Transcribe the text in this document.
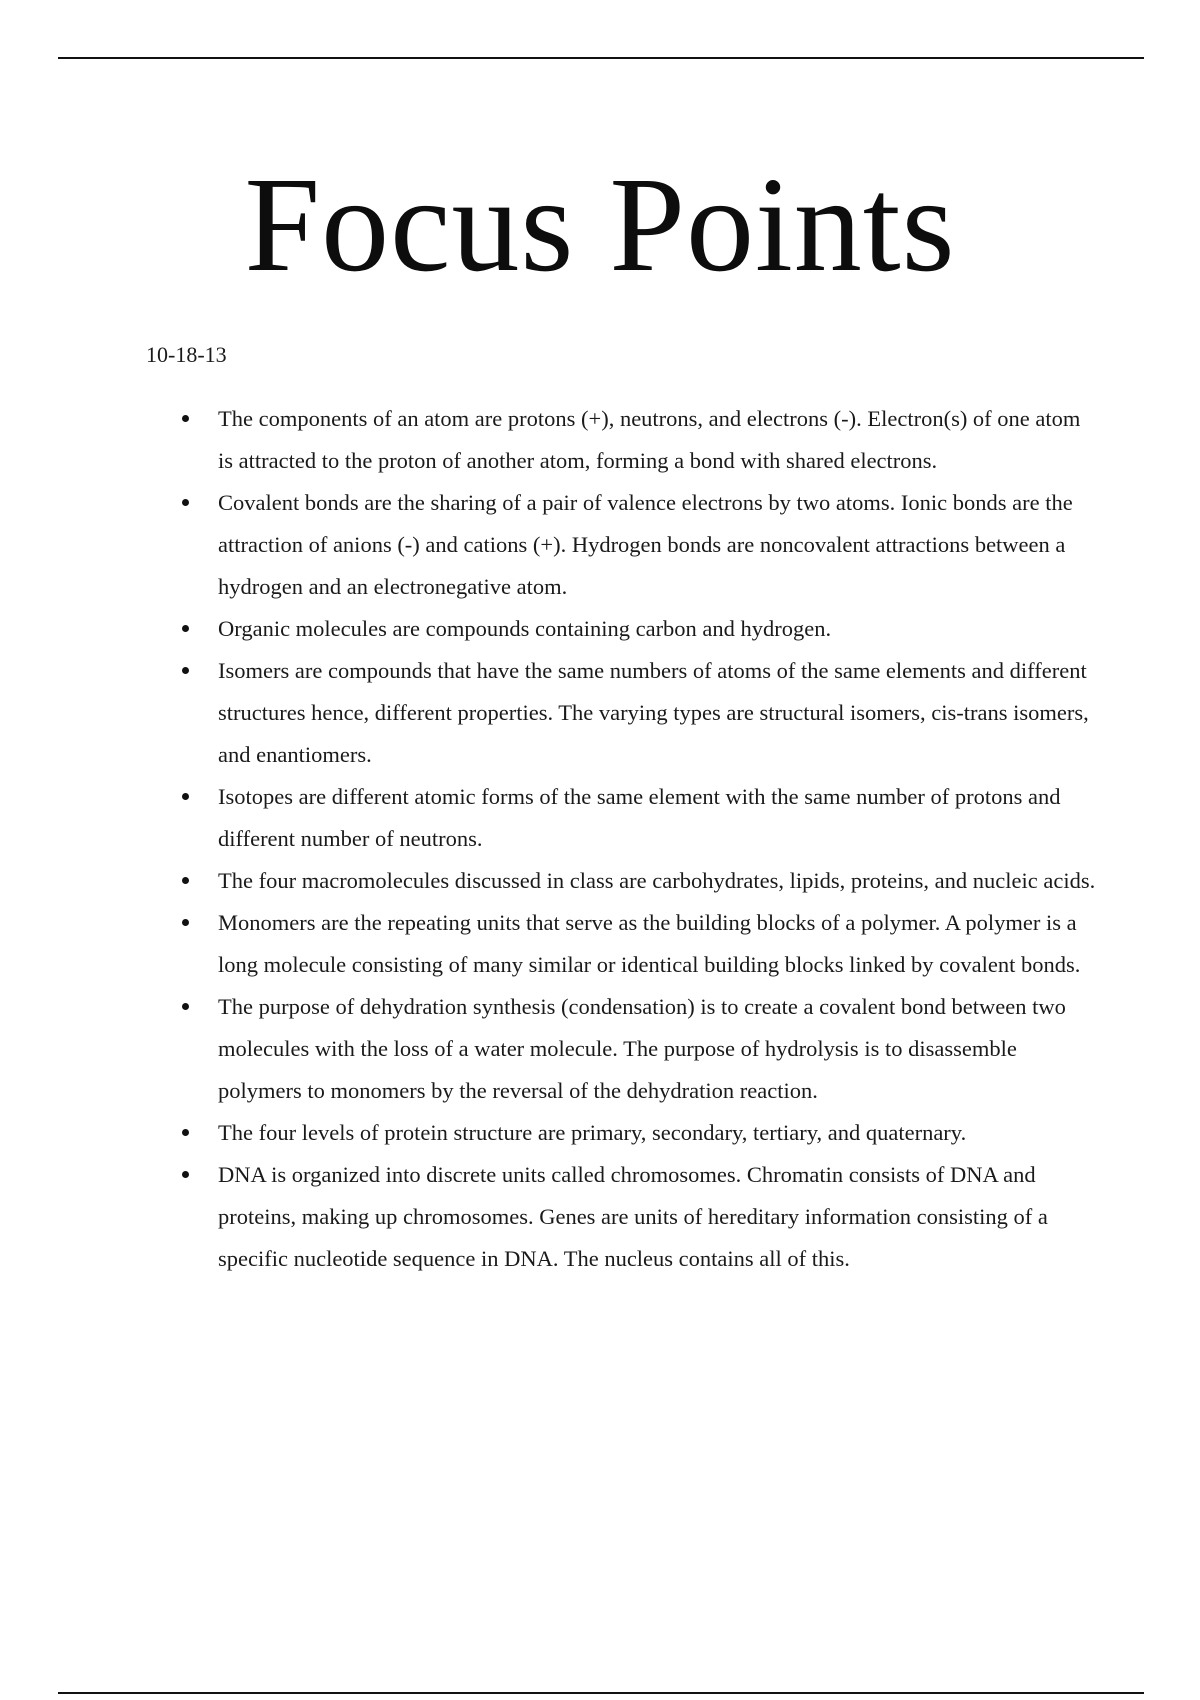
Focus Points
10-18-13
The components of an atom are protons (+), neutrons, and electrons (-). Electron(s) of one atom is attracted to the proton of another atom, forming a bond with shared electrons.
Covalent bonds are the sharing of a pair of valence electrons by two atoms. Ionic bonds are the attraction of anions (-) and cations (+). Hydrogen bonds are noncovalent attractions between a hydrogen and an electronegative atom.
Organic molecules are compounds containing carbon and hydrogen.
Isomers are compounds that have the same numbers of atoms of the same elements and different structures hence, different properties. The varying types are structural isomers, cis-trans isomers, and enantiomers.
Isotopes are different atomic forms of the same element with the same number of protons and different number of neutrons.
The four macromolecules discussed in class are carbohydrates, lipids, proteins, and nucleic acids.
Monomers are the repeating units that serve as the building blocks of a polymer. A polymer is a long molecule consisting of many similar or identical building blocks linked by covalent bonds.
The purpose of dehydration synthesis (condensation) is to create a covalent bond between two molecules with the loss of a water molecule. The purpose of hydrolysis is to disassemble polymers to monomers by the reversal of the dehydration reaction.
The four levels of protein structure are primary, secondary, tertiary, and quaternary.
DNA is organized into discrete units called chromosomes. Chromatin consists of DNA and proteins, making up chromosomes. Genes are units of hereditary information consisting of a specific nucleotide sequence in DNA. The nucleus contains all of this.
